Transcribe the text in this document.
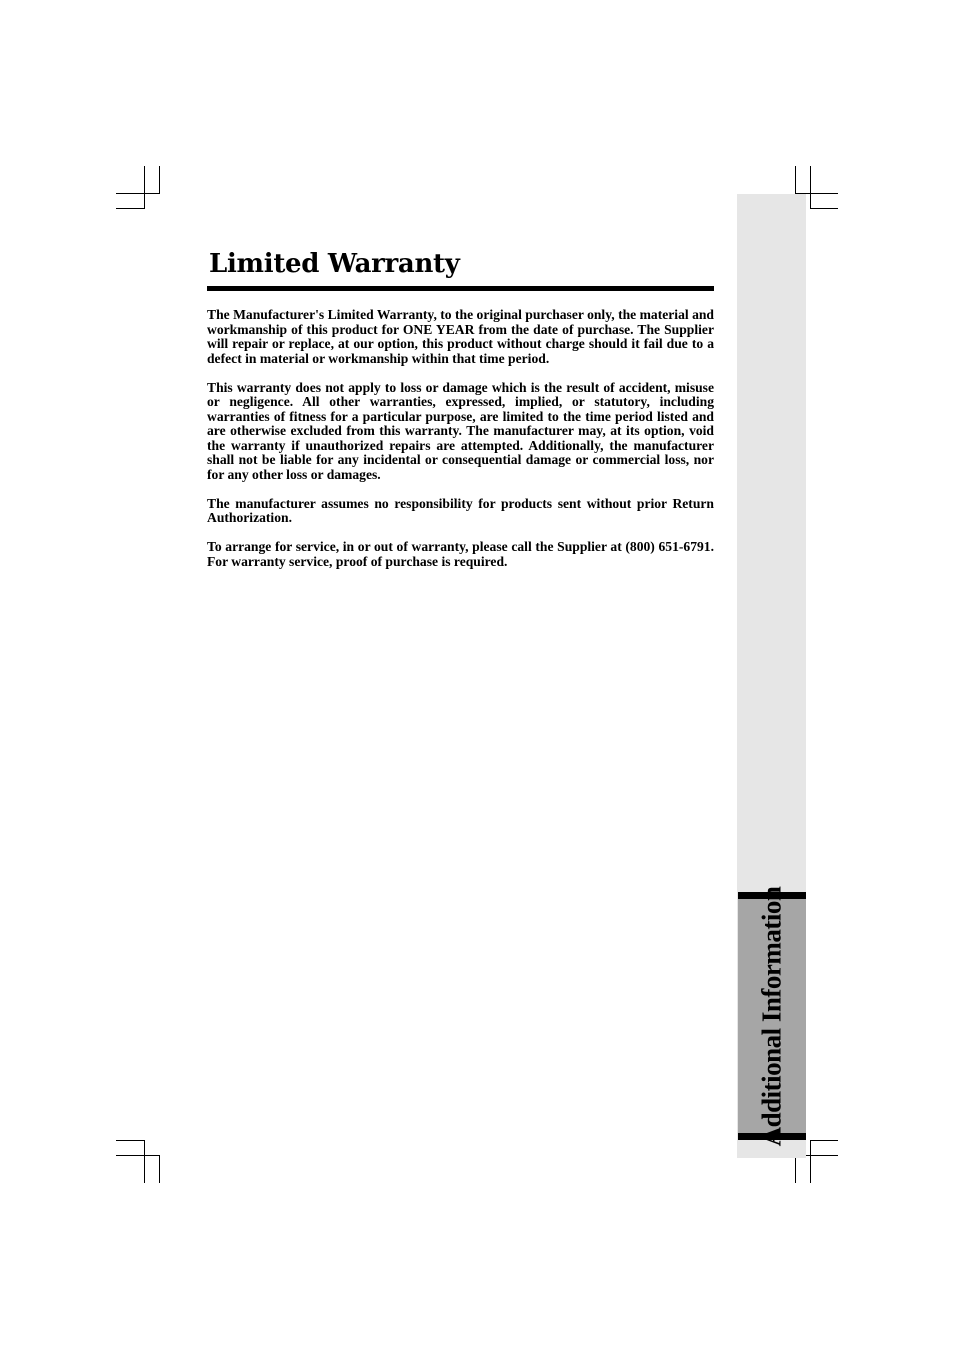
Additional Information
Limited Warranty

The Manufacturer's Limited Warranty, to the original purchaser only, the material and workmanship of this product for ONE YEAR from the date of purchase. The Supplier will repair or replace, at our option, this product without charge should it fail due to a defect in material or workmanship within that time period.

This warranty does not apply to loss or damage which is the result of accident, misuse or negligence. All other warranties, expressed, implied, or statutory, including warranties of fitness for a particular purpose, are limited to the time period listed and are otherwise excluded from this warranty. The manufacturer may, at its option, void the warranty if unauthorized repairs are attempted. Additionally, the manufacturer shall not be liable for any incidental or consequential damage or commercial loss, nor for any other loss or damages.

The manufacturer assumes no responsibility for products sent without prior Return Authorization.

To arrange for service, in or out of warranty, please call the Supplier at (800) 651-6791. For warranty service, proof of purchase is required.
